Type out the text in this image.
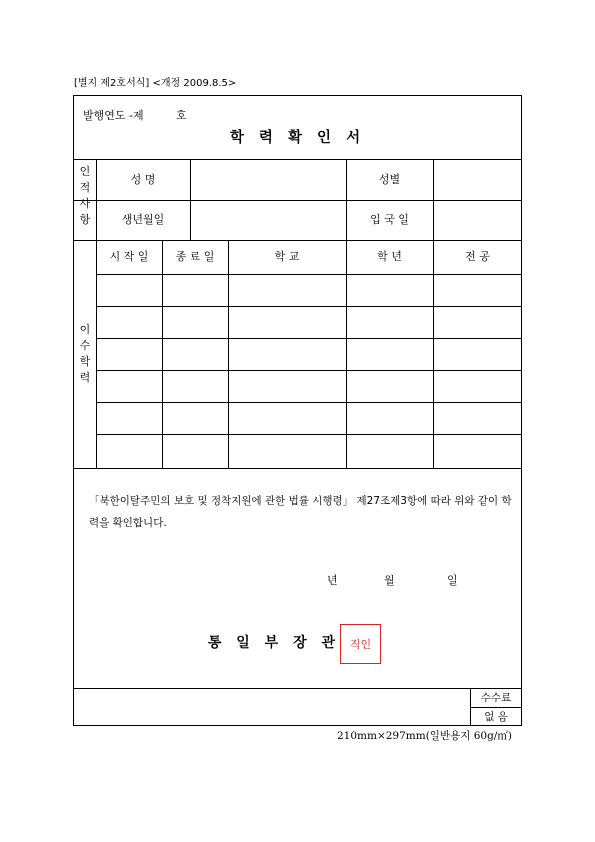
[별지 제2호서식] <개정 2009.8.5>
발행연도 -제	호
학 력 확 인 서
인적사항
성 명	성별
생년월일	입 국 일
이수학력
시 작 일	종 료 일	학 교	학 년	전 공
「북한이탈주민의 보호 및 정착지원에 관한 법률 시행령」 제27조제3항에 따라 위와 같이 학력을 확인합니다.
년	월	일
통 일 부 장 관 직인
수수료
없 음
210mm×297mm(일반용지 60g/㎡)
